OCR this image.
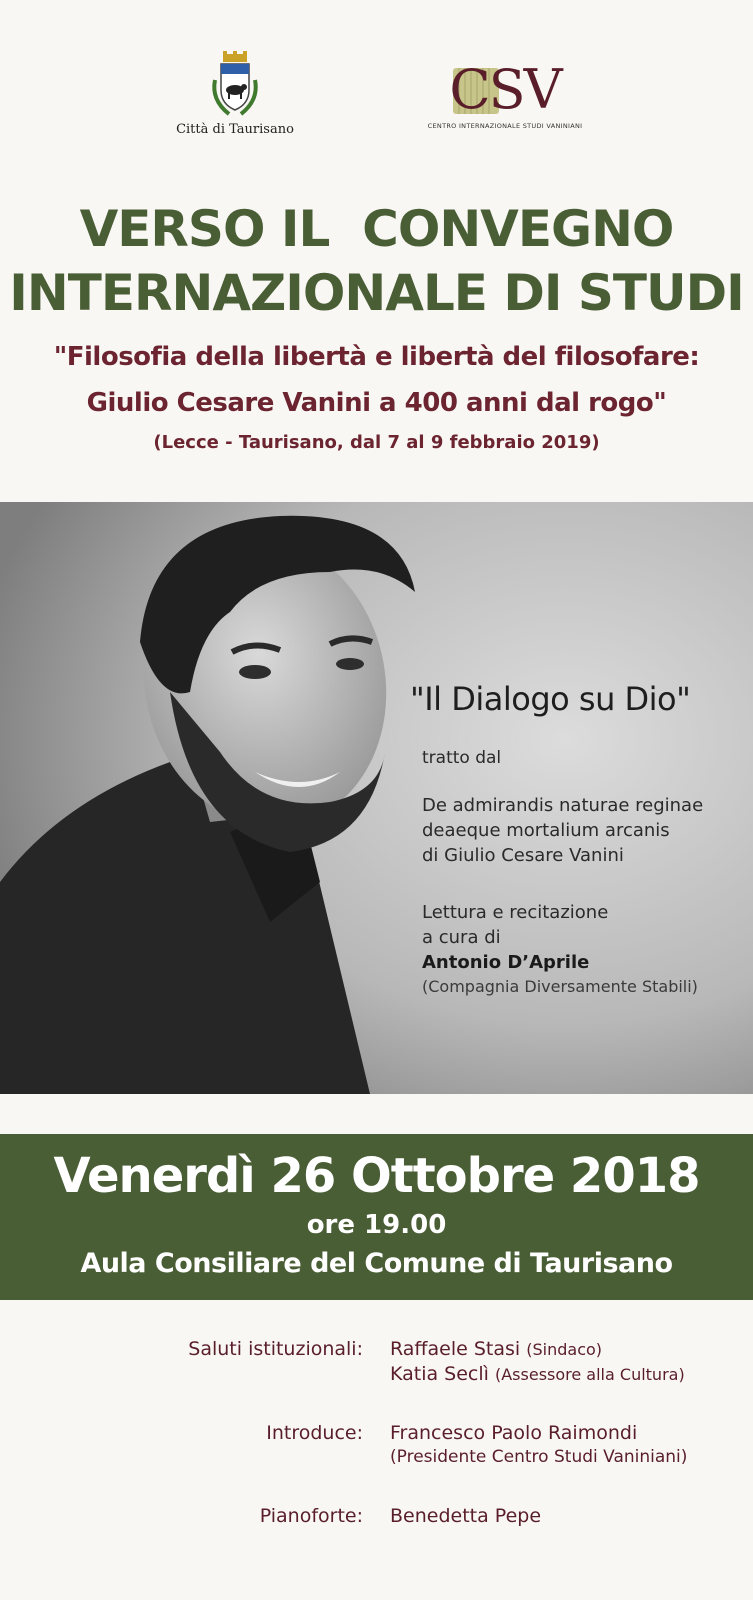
Città di Taurisano
CSV
CENTRO INTERNAZIONALE STUDI VANINIANI
VERSO IL  CONVEGNO
INTERNAZIONALE DI STUDI
"Filosofia della libertà e libertà del filosofare:
Giulio Cesare Vanini a 400 anni dal rogo"
(Lecce - Taurisano, dal 7 al 9 febbraio 2019)
"Il Dialogo su Dio"
tratto dal
De admirandis naturae reginae
deaeque mortalium arcanis
di Giulio Cesare Vanini
Lettura e recitazione
a cura di
Antonio D’Aprile
(Compagnia Diversamente Stabili)
Venerdì 26 Ottobre 2018
ore 19.00
Aula Consiliare del Comune di Taurisano
Saluti istituzionali: Raffaele Stasi (Sindaco)
Katia Seclì (Assessore alla Cultura)
Introduce: Francesco Paolo Raimondi
(Presidente Centro Studi Vaniniani)
Pianoforte: Benedetta Pepe
